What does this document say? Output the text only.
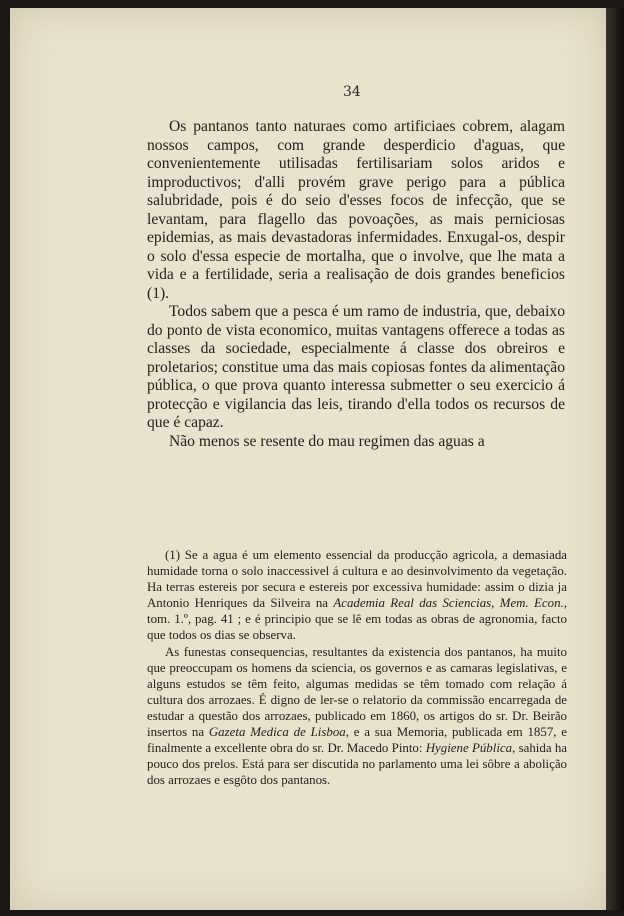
34

Os pantanos tanto naturaes como artificiaes cobrem, alagam nossos campos, com grande desperdicio d'aguas, que convenientemente utilisadas fertilisariam solos aridos e improductivos; d'alli provém grave perigo para a pública salubridade, pois é do seio d'esses focos de infecção, que se levantam, para flagello das povoações, as mais perniciosas epidemias, as mais devastadoras infermidades. Enxugal-os, despir o solo d'essa especie de mortalha, que o involve, que lhe mata a vida e a fertilidade, seria a realisação de dois grandes beneficios (1).

Todos sabem que a pesca é um ramo de industria, que, debaixo do ponto de vista economico, muitas vantagens offerece a todas as classes da sociedade, especialmente á classe dos obreiros e proletarios; constitue uma das mais copiosas fontes da alimentação pública, o que prova quanto interessa submetter o seu exercicio á protecção e vigilancia das leis, tirando d'ella todos os recursos de que é capaz.

Não menos se resente do mau regimen das aguas a

(1) Se a agua é um elemento essencial da producção agricola, a demasiada humidade torna o solo inaccessivel á cultura e ao desinvolvimento da vegetação. Ha terras estereis por secura e estereis por excessiva humidade: assim o dizia ja Antonio Henriques da Silveira na Academia Real das Sciencias, Mem. Econ., tom. 1.º, pag. 41 ; e é principio que se lê em todas as obras de agronomia, facto que todos os dias se observa.

As funestas consequencias, resultantes da existencia dos pantanos, ha muito que preoccupam os homens da sciencia, os governos e as camaras legislativas, e alguns estudos se têm feito, algumas medidas se têm tomado com relação á cultura dos arrozaes. É digno de ler-se o relatorio da commissão encarregada de estudar a questão dos arrozaes, publicado em 1860, os artigos do sr. Dr. Beirão insertos na Gazeta Medica de Lisboa, e a sua Memoria, publicada em 1857, e finalmente a excellente obra do sr. Dr. Macedo Pinto: Hygiene Pública, sahida ha pouco dos prelos. Está para ser discutida no parlamento uma lei sôbre a abolição dos arrozaes e esgôto dos pantanos.
